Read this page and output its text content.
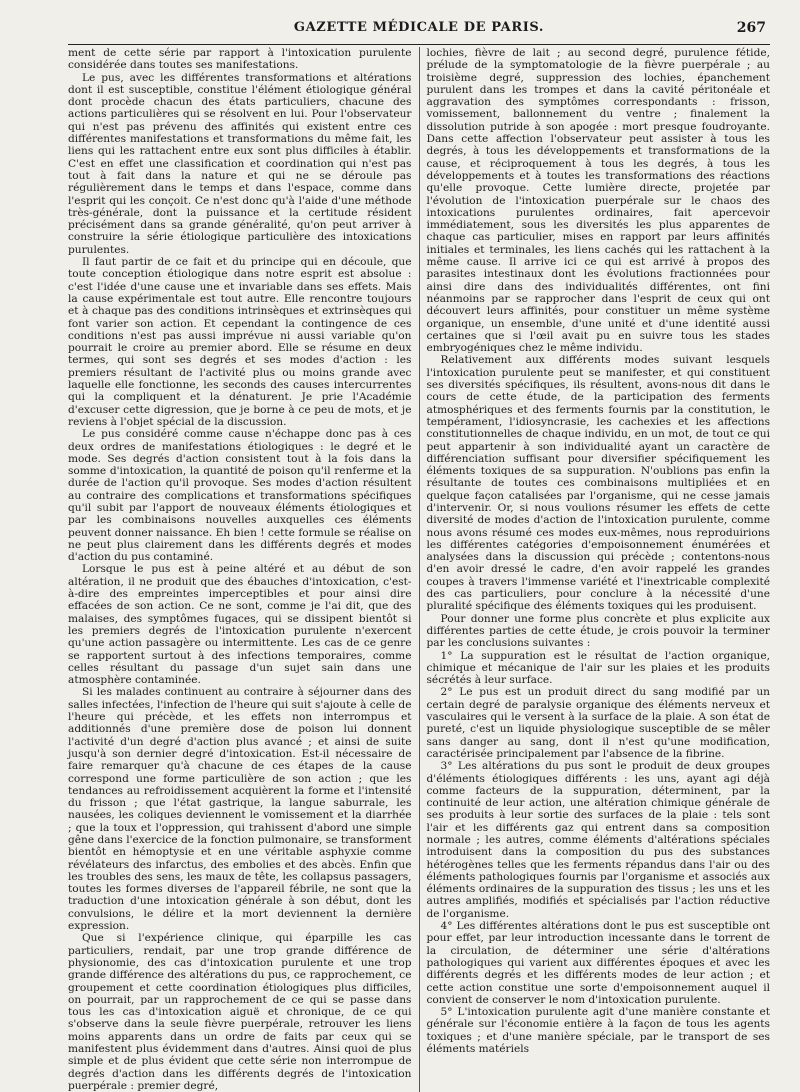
GAZETTE MÉDICALE DE PARIS.	267

ment de cette série par rapport à l'intoxication purulente considérée dans toutes ses manifestations.

Le pus, avec les différentes transformations et altérations dont il est susceptible, constitue l'élément étiologique général dont procède chacun des états particuliers, chacune des actions particulières qui se résolvent en lui. Pour l'observateur qui n'est pas prévenu des affinités qui existent entre ces différentes manifestations et transformations du même fait, les liens qui les rattachent entre eux sont plus difficiles à établir. C'est en effet une classification et coordination qui n'est pas tout à fait dans la nature et qui ne se déroule pas régulièrement dans le temps et dans l'espace, comme dans l'esprit qui les conçoit. Ce n'est donc qu'à l'aide d'une méthode très-générale, dont la puissance et la certitude résident précisément dans sa grande généralité, qu'on peut arriver à construire la série étiologique particulière des intoxications purulentes.

Il faut partir de ce fait et du principe qui en découle, que toute conception étiologique dans notre esprit est absolue : c'est l'idée d'une cause une et invariable dans ses effets. Mais la cause expérimentale est tout autre. Elle rencontre toujours et à chaque pas des conditions intrinsèques et extrinsèques qui font varier son action. Et cependant la contingence de ces conditions n'est pas aussi imprévue ni aussi variable qu'on pourrait le croire au premier abord. Elle se résume en deux termes, qui sont ses degrés et ses modes d'action : les premiers résultant de l'activité plus ou moins grande avec laquelle elle fonctionne, les seconds des causes intercurrentes qui la compliquent et la dénaturent. Je prie l'Académie d'excuser cette digression, que je borne à ce peu de mots, et je reviens à l'objet spécial de la discussion.

Le pus considéré comme cause n'échappe donc pas à ces deux ordres de manifestations étiologiques : le degré et le mode. Ses degrés d'action consistent tout à la fois dans la somme d'intoxication, la quantité de poison qu'il renferme et la durée de l'action qu'il provoque. Ses modes d'action résultent au contraire des complications et transformations spécifiques qu'il subit par l'apport de nouveaux éléments étiologiques et par les combinaisons nouvelles auxquelles ces éléments peuvent donner naissance. Eh bien ! cette formule se réalise on ne peut plus clairement dans les différents degrés et modes d'action du pus contaminé.

Lorsque le pus est à peine altéré et au début de son altération, il ne produit que des ébauches d'intoxication, c'est-à-dire des empreintes imperceptibles et pour ainsi dire effacées de son action. Ce ne sont, comme je l'ai dit, que des malaises, des symptômes fugaces, qui se dissipent bientôt si les premiers degrés de l'intoxication purulente n'exercent qu'une action passagère ou intermittente. Les cas de ce genre se rapportent surtout à des infections temporaires, comme celles résultant du passage d'un sujet sain dans une atmosphère contaminée.

Si les malades continuent au contraire à séjourner dans des salles infectées, l'infection de l'heure qui suit s'ajoute à celle de l'heure qui précède, et les effets non interrompus et additionnés d'une première dose de poison lui donnent l'activité d'un degré d'action plus avancé ; et ainsi de suite jusqu'à son dernier degré d'intoxication. Est-il nécessaire de faire remarquer qu'à chacune de ces étapes de la cause correspond une forme particulière de son action ; que les tendances au refroidissement acquièrent la forme et l'intensité du frisson ; que l'état gastrique, la langue saburrale, les nausées, les coliques deviennent le vomissement et la diarrhée ; que la toux et l'oppression, qui trahissent d'abord une simple gêne dans l'exercice de la fonction pulmonaire, se transforment bientôt en hémoptysie et en une véritable asphyxie comme révélateurs des infarctus, des embolies et des abcès. Enfin que les troubles des sens, les maux de tête, les collapsus passagers, toutes les formes diverses de l'appareil fébrile, ne sont que la traduction d'une intoxication générale à son début, dont les convulsions, le délire et la mort deviennent la dernière expression.

Que si l'expérience clinique, qui éparpille les cas particuliers, rendait, par une trop grande différence de physionomie, des cas d'intoxication purulente et une trop grande différence des altérations du pus, ce rapprochement, ce groupement et cette coordination étiologiques plus difficiles, on pourrait, par un rapprochement de ce qui se passe dans tous les cas d'intoxication aiguë et chronique, de ce qui s'observe dans la seule fièvre puerpérale, retrouver les liens moins apparents dans un ordre de faits par ceux qui se manifestent plus évidemment dans d'autres. Ainsi quoi de plus simple et de plus évident que cette série non interrompue de degrés d'action dans les différents degrés de l'intoxication puerpérale : premier degré,

lochies, fièvre de lait ; au second degré, purulence fétide, prélude de la symptomatologie de la fièvre puerpérale ; au troisième degré, suppression des lochies, épanchement purulent dans les trompes et dans la cavité péritonéale et aggravation des symptômes correspondants : frisson, vomissement, ballonnement du ventre ; finalement la dissolution putride à son apogée : mort presque foudroyante. Dans cette affection l'observateur peut assister à tous les degrés, à tous les développements et transformations de la cause, et réciproquement à tous les degrés, à tous les développements et à toutes les transformations des réactions qu'elle provoque. Cette lumière directe, projetée par l'évolution de l'intoxication puerpérale sur le chaos des intoxications purulentes ordinaires, fait apercevoir immédiatement, sous les diversités les plus apparentes de chaque cas particulier, mises en rapport par leurs affinités initiales et terminales, les liens cachés qui les rattachent à la même cause. Il arrive ici ce qui est arrivé à propos des parasites intestinaux dont les évolutions fractionnées pour ainsi dire dans des individualités différentes, ont fini néanmoins par se rapprocher dans l'esprit de ceux qui ont découvert leurs affinités, pour constituer un même système organique, un ensemble, d'une unité et d'une identité aussi certaines que si l'œil avait pu en suivre tous les stades embryogéniques chez le même individu.

Relativement aux différents modes suivant lesquels l'intoxication purulente peut se manifester, et qui constituent ses diversités spécifiques, ils résultent, avons-nous dit dans le cours de cette étude, de la participation des ferments atmosphériques et des ferments fournis par la constitution, le tempérament, l'idiosyncrasie, les cachexies et les affections constitutionnelles de chaque individu, en un mot, de tout ce qui peut appartenir à son individualité ayant un caractère de différenciation suffisant pour diversifier spécifiquement les éléments toxiques de sa suppuration. N'oublions pas enfin la résultante de toutes ces combinaisons multipliées et en quelque façon catalisées par l'organisme, qui ne cesse jamais d'intervenir. Or, si nous voulions résumer les effets de cette diversité de modes d'action de l'intoxication purulente, comme nous avons résumé ces modes eux-mêmes, nous reproduirions les différentes catégories d'empoisonnement énumérées et analysées dans la discussion qui précède ; contentons-nous d'en avoir dressé le cadre, d'en avoir rappelé les grandes coupes à travers l'immense variété et l'inextricable complexité des cas particuliers, pour conclure à la nécessité d'une pluralité spécifique des éléments toxiques qui les produisent.

Pour donner une forme plus concrète et plus explicite aux différentes parties de cette étude, je crois pouvoir la terminer par les conclusions suivantes :

1° La suppuration est le résultat de l'action organique, chimique et mécanique de l'air sur les plaies et les produits sécrétés à leur surface.

2° Le pus est un produit direct du sang modifié par un certain degré de paralysie organique des éléments nerveux et vasculaires qui le versent à la surface de la plaie. A son état de pureté, c'est un liquide physiologique susceptible de se mêler sans danger au sang, dont il n'est qu'une modification, caractérisée principalement par l'absence de la fibrine.

3° Les altérations du pus sont le produit de deux groupes d'éléments étiologiques différents : les uns, ayant agi déjà comme facteurs de la suppuration, déterminent, par la continuité de leur action, une altération chimique générale de ses produits à leur sortie des surfaces de la plaie : tels sont l'air et les différents gaz qui entrent dans sa composition normale ; les autres, comme éléments d'altérations spéciales introduisent dans la composition du pus des substances hétérogènes telles que les ferments répandus dans l'air ou des éléments pathologiques fournis par l'organisme et associés aux éléments ordinaires de la suppuration des tissus ; les uns et les autres amplifiés, modifiés et spécialisés par l'action réductive de l'organisme.

4° Les différentes altérations dont le pus est susceptible ont pour effet, par leur introduction incessante dans le torrent de la circulation, de déterminer une série d'altérations pathologiques qui varient aux différentes époques et avec les différents degrés et les différents modes de leur action ; et cette action constitue une sorte d'empoisonnement auquel il convient de conserver le nom d'intoxication purulente.

5° L'intoxication purulente agit d'une manière constante et générale sur l'économie entière à la façon de tous les agents toxiques ; et d'une manière spéciale, par le transport de ses éléments matériels
